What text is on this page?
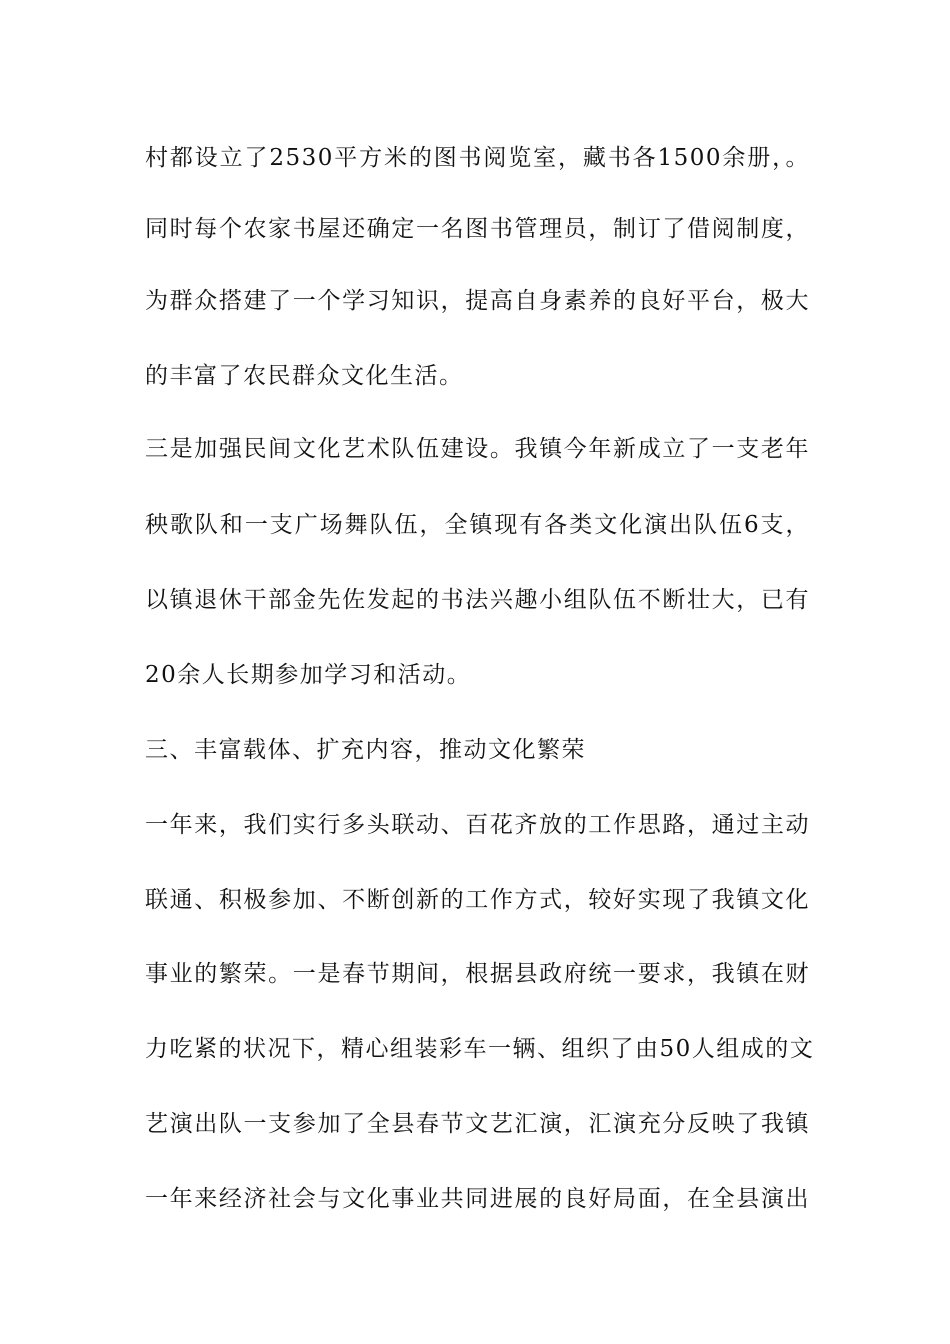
村都设立了2530平方米的图书阅览室，藏书各1500余册，。
同时每个农家书屋还确定一名图书管理员，制订了借阅制度，
为群众搭建了一个学习知识，提高自身素养的良好平台，极大
的丰富了农民群众文化生活。
三是加强民间文化艺术队伍建设。我镇今年新成立了一支老年
秧歌队和一支广场舞队伍，全镇现有各类文化演出队伍6支，
以镇退休干部金先佐发起的书法兴趣小组队伍不断壮大，已有
20余人长期参加学习和活动。
三、丰富载体、扩充内容，推动文化繁荣
一年来，我们实行多头联动、百花齐放的工作思路，通过主动
联通、积极参加、不断创新的工作方式，较好实现了我镇文化
事业的繁荣。一是春节期间，根据县政府统一要求，我镇在财
力吃紧的状况下，精心组装彩车一辆、组织了由50人组成的文
艺演出队一支参加了全县春节文艺汇演，汇演充分反映了我镇
一年来经济社会与文化事业共同进展的良好局面，在全县演出
